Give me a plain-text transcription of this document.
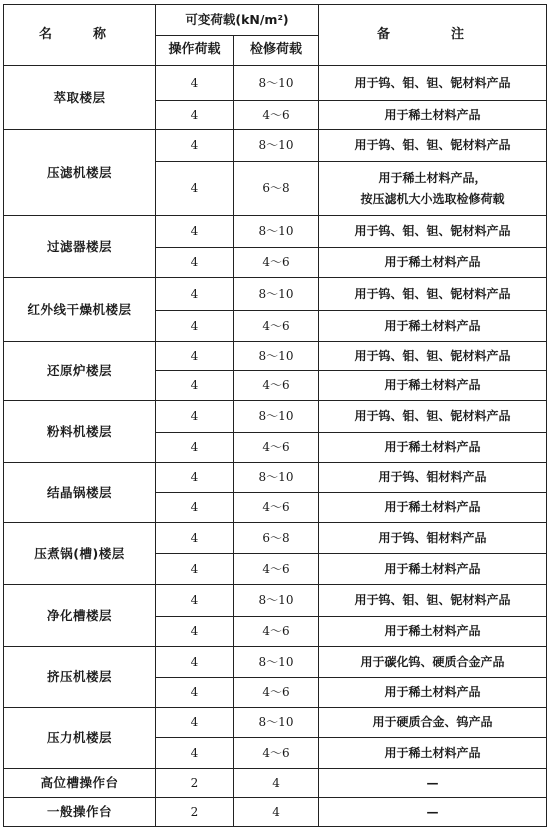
名　称	可变荷载(kN/m²)		备　注
	操作荷载	检修荷载	
萃取楼层	4	8～10	用于钨、钼、钽、铌材料产品

	4	4～6	用于稀土材料产品

压滤机楼层	4	8～10	用于钨、钼、钽、铌材料产品

	4	6～8	用于稀土材料产品，
按压滤机大小选取检修荷载

过滤器楼层	4	8～10	用于钨、钼、钽、铌材料产品

	4	4～6	用于稀土材料产品

红外线干燥机楼层	4	8～10	用于钨、钼、钽、铌材料产品

	4	4～6	用于稀土材料产品

还原炉楼层	4	8～10	用于钨、钼、钽、铌材料产品

	4	4～6	用于稀土材料产品

粉料机楼层	4	8～10	用于钨、钼、钽、铌材料产品

	4	4～6	用于稀土材料产品

结晶锅楼层	4	8～10	用于钨、钼材料产品

	4	4～6	用于稀土材料产品

压煮锅(槽)楼层	4	6～8	用于钨、钼材料产品

	4	4～6	用于稀土材料产品

净化槽楼层	4	8～10	用于钨、钼、钽、铌材料产品

	4	4～6	用于稀土材料产品

挤压机楼层	4	8～10	用于碳化钨、硬质合金产品

	4	4～6	用于稀土材料产品

压力机楼层	4	8～10	用于硬质合金、钨产品

	4	4～6	用于稀土材料产品

高位槽操作台	2	4	—

一般操作台	2	4	—
